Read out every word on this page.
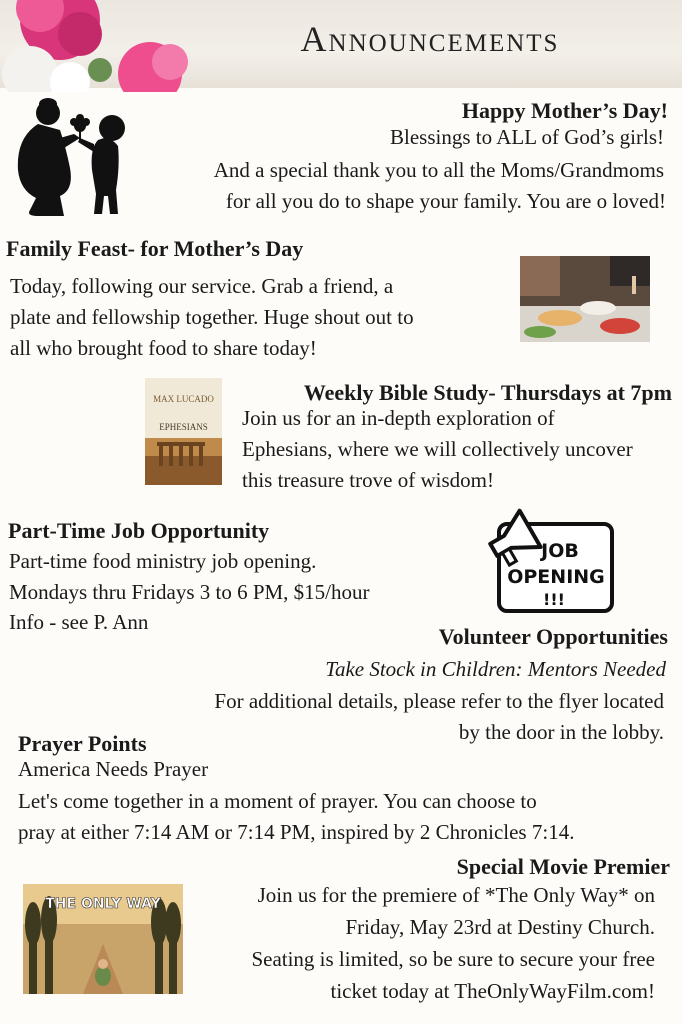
Announcements
Happy Mother’s Day!
Blessings to ALL of God’s girls!
And a special thank you to all the Moms/Grandmoms
for all you do to shape your family. You are o loved!
Family Feast- for Mother’s Day
Today, following our service. Grab a friend, a
plate and fellowship together. Huge shout out to
all who brought food to share today!
MAX LUCADO
EPHESIANS
Weekly Bible Study- Thursdays at 7pm
Join us for an in-depth exploration of
Ephesians, where we will collectively uncover
this treasure trove of wisdom!
Part-Time Job Opportunity
Part-time food ministry job opening.
Mondays thru Fridays 3 to 6 PM, $15/hour
Info - see P. Ann
JOB
OPENING
!!!
Volunteer Opportunities
Take Stock in Children: Mentors Needed
For additional details, please refer to the flyer located
by the door in the lobby.
Prayer Points
America Needs Prayer
Let's come together in a moment of prayer. You can choose to
pray at either 7:14 AM or 7:14 PM, inspired by 2 Chronicles 7:14.
Special Movie Premier
THE ONLY WAY	Join us for the premiere of *The Only Way* on
Friday, May 23rd at Destiny Church.
Seating is limited, so be sure to secure your free
ticket today at TheOnlyWayFilm.com!
